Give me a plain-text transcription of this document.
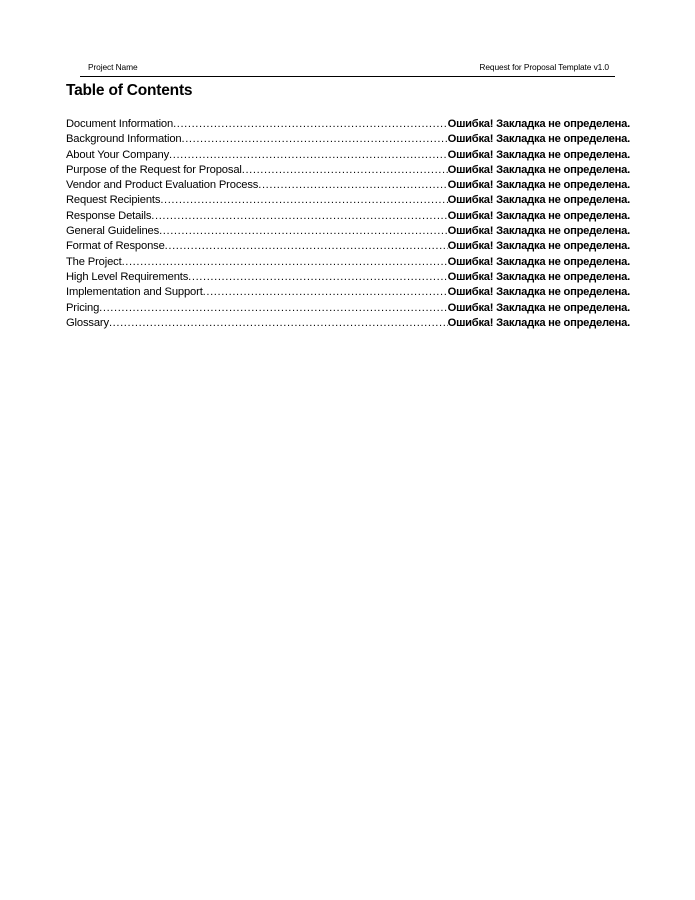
Project Name	Request for Proposal Template v1.0
Table of Contents
Document Information .....	Ошибка! Закладка не определена.
Background Information .....	Ошибка! Закладка не определена.
About Your Company .....	Ошибка! Закладка не определена.
Purpose of the Request for Proposal .....	Ошибка! Закладка не определена.
Vendor and Product Evaluation Process .....	Ошибка! Закладка не определена.
Request Recipients .....	Ошибка! Закладка не определена.
Response Details .....	Ошибка! Закладка не определена.
General Guidelines .....	Ошибка! Закладка не определена.
Format of Response .....	Ошибка! Закладка не определена.
The Project .....	Ошибка! Закладка не определена.
High Level Requirements .....	Ошибка! Закладка не определена.
Implementation and Support .....	Ошибка! Закладка не определена.
Pricing .....	Ошибка! Закладка не определена.
Glossary .....	Ошибка! Закладка не определена.
